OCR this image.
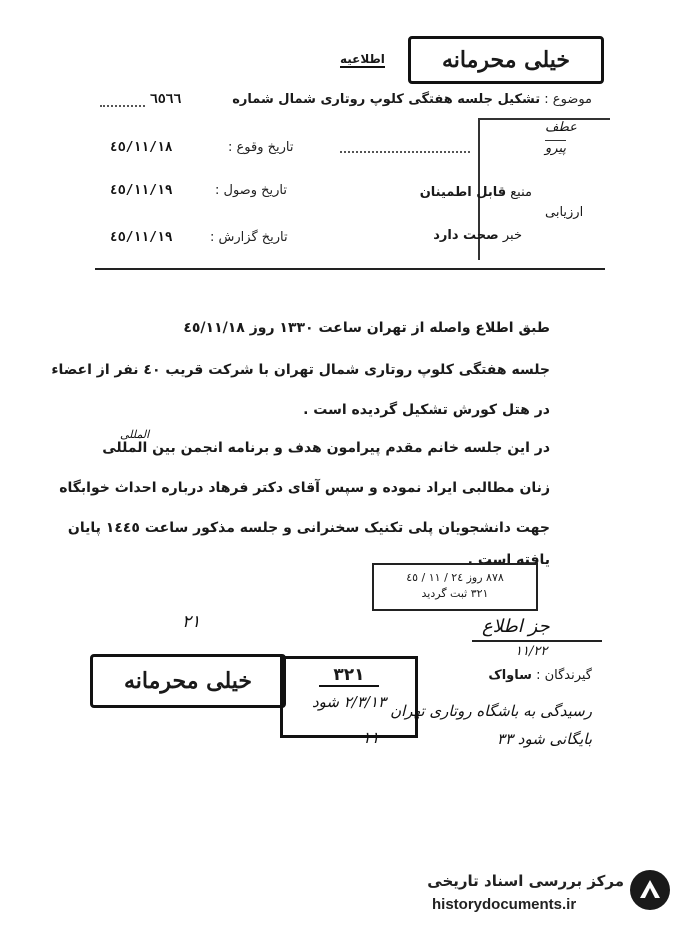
خیلی محرمانه
اطلاعیه
موضوع : تشکیل جلسه هفتگی کلوپ روتاری شمال شماره
٦٥٦٦
عطف
پیرو
ارزیابی
منبع قابل اطمینان
خبر صحت دارد
تاریخ وقوع :
٤٥/١١/١٨
تاریخ وصول :
٤٥/١١/١٩
تاریخ گزارش :
٤٥/١١/١٩
طبق اطلاع واصله از تهران ساعت ١٣٣٠ روز ٤٥/١١/١٨
جلسه هفتگی کلوپ روتاری شمال تهران با شرکت قریب ٤٠ نفر از اعضاء
در هتل کورش تشکیل گردیده است .
المللی
در این جلسه خانم مقدم پیرامون هدف و برنامه انجمن بین المللی
زنان مطالبی ایراد نموده و سپس آقای دکتر فرهاد درباره احداث خوابگاه
جهت دانشجویان پلی تکنیک سخنرانی و جلسه مذکور ساعت ١٤٤٥ پایان
یافته است .
٨٧٨ روز ٢٤ / ١١ / ٤٥
٣٢١ ثبت گردید
جز اطلاع
١١/٢٢
٢١
خیلی محرمانه	٣٢١
٢/٣/١٣ شود
١١
گیرندگان : ساواک
رسیدگی به باشگاه روتاری تهران
بایگانی شود ٣٣
مرکز بررسی اسناد تاریخی
historydocuments.ir
